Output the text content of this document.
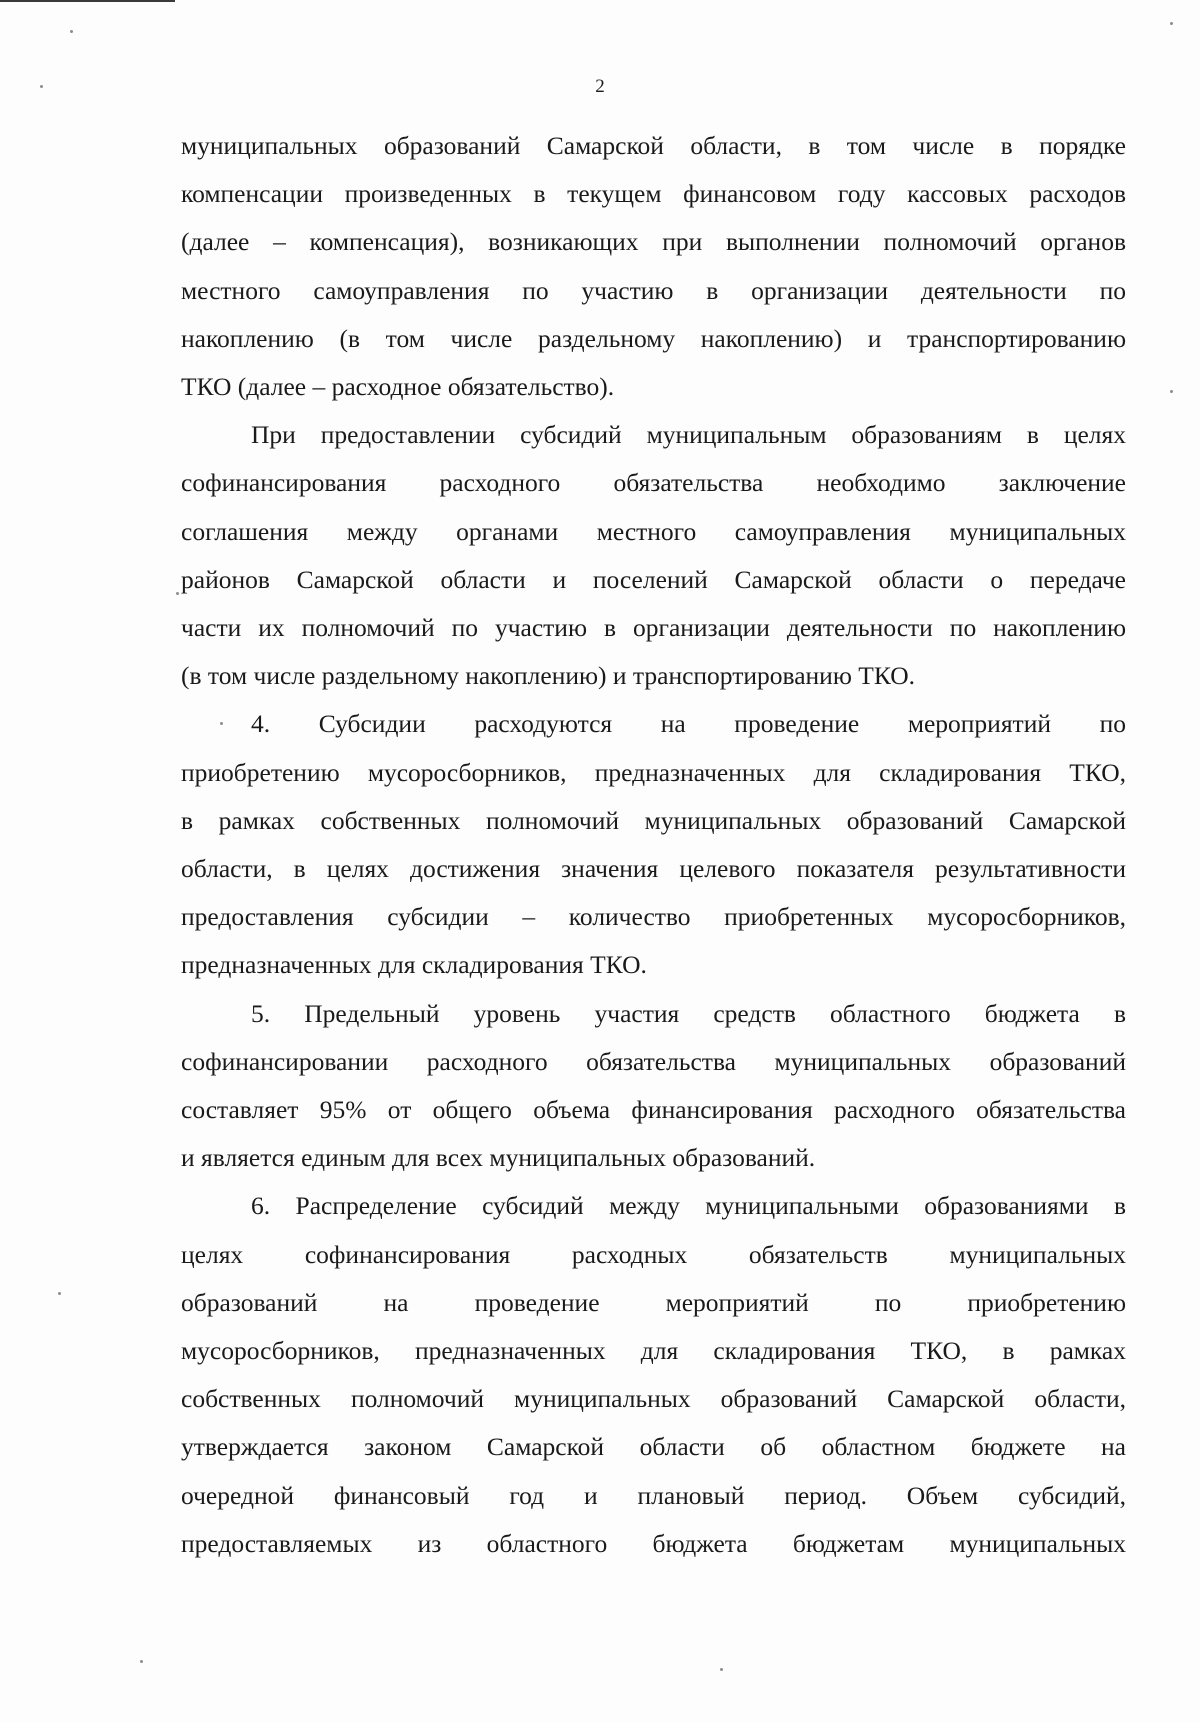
2
муниципальных образований Самарской области, в том числе в порядке
компенсации произведенных в текущем финансовом году кассовых расходов
(далее – компенсация), возникающих при выполнении полномочий органов
местного самоуправления по участию в организации деятельности по
накоплению (в том числе раздельному накоплению) и транспортированию
ТКО (далее – расходное обязательство).
При предоставлении субсидий муниципальным образованиям в целях
софинансирования расходного обязательства необходимо заключение
соглашения между органами местного самоуправления муниципальных
районов Самарской области и поселений Самарской области о передаче
части их полномочий по участию в организации деятельности по накоплению
(в том числе раздельному накоплению) и транспортированию ТКО.
4. Субсидии расходуются на проведение мероприятий по
приобретению мусоросборников, предназначенных для складирования ТКО,
в рамках собственных полномочий муниципальных образований Самарской
области, в целях достижения значения целевого показателя результативности
предоставления субсидии – количество приобретенных мусоросборников,
предназначенных для складирования ТКО.
5. Предельный уровень участия средств областного бюджета в
софинансировании расходного обязательства муниципальных образований
составляет 95% от общего объема финансирования расходного обязательства
и является единым для всех муниципальных образований.
6. Распределение субсидий между муниципальными образованиями в
целях софинансирования расходных обязательств муниципальных
образований на проведение мероприятий по приобретению
мусоросборников, предназначенных для складирования ТКО, в рамках
собственных полномочий муниципальных образований Самарской области,
утверждается законом Самарской области об областном бюджете на
очередной финансовый год и плановый период. Объем субсидий,
предоставляемых из областного бюджета бюджетам муниципальных
